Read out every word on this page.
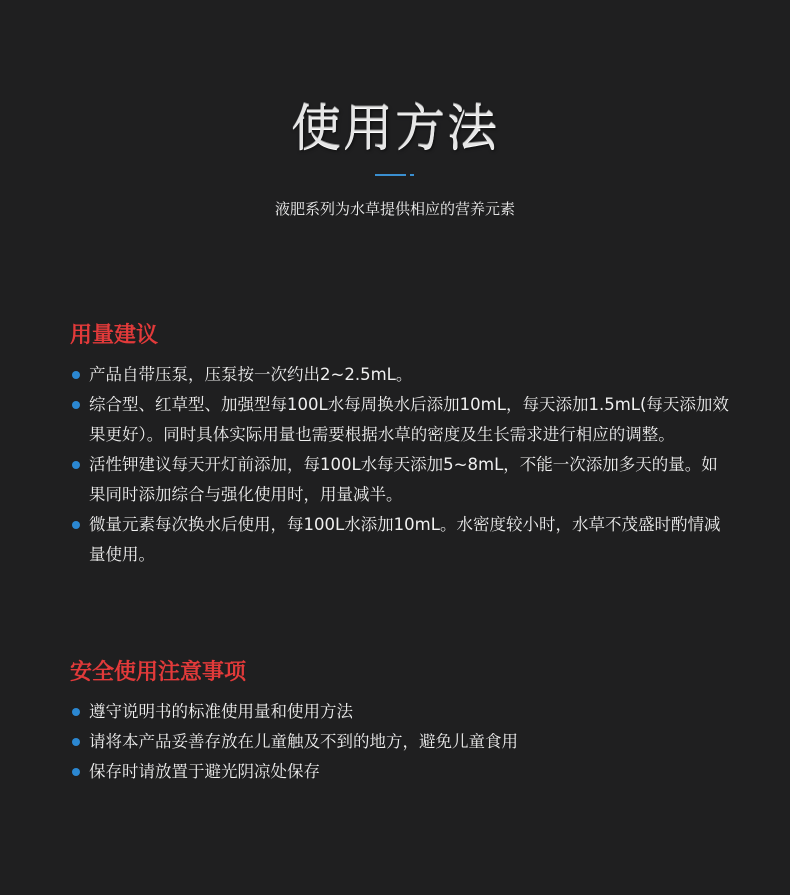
使用方法
液肥系列为水草提供相应的营养元素
用量建议
产品自带压泵，压泵按一次约出2~2.5mL。
综合型、红草型、加强型每100L水每周换水后添加10mL，每天添加1.5mL(每天添加效果更好）。同时具体实际用量也需要根据水草的密度及生长需求进行相应的调整。
活性钾建议每天开灯前添加，每100L水每天添加5~8mL，不能一次添加多天的量。如果同时添加综合与强化使用时，用量减半。
微量元素每次换水后使用，每100L水添加10mL。水密度较小时，水草不茂盛时酌情减量使用。
安全使用注意事项
遵守说明书的标准使用量和使用方法
请将本产品妥善存放在儿童触及不到的地方，避免儿童食用
保存时请放置于避光阴凉处保存
